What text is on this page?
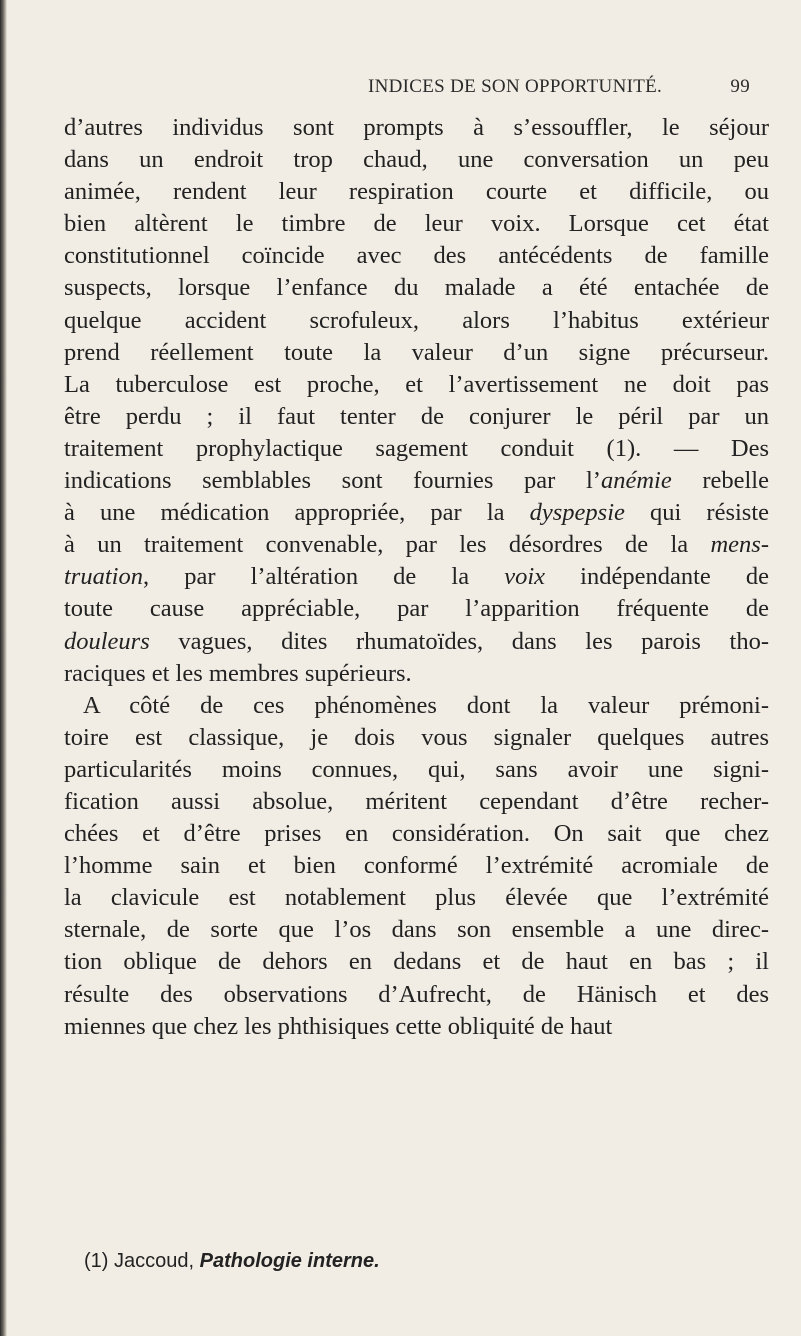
INDICES DE SON OPPORTUNITÉ.	99
d’autres individus sont prompts à s’essouffler, le séjour
dans un endroit trop chaud, une conversation un peu
animée, rendent leur respiration courte et difficile, ou
bien altèrent le timbre de leur voix. Lorsque cet état
constitutionnel coïncide avec des antécédents de famille
suspects, lorsque l’enfance du malade a été entachée de
quelque accident scrofuleux, alors l’habitus extérieur
prend réellement toute la valeur d’un signe précurseur.
La tuberculose est proche, et l’avertissement ne doit pas
être perdu ; il faut tenter de conjurer le péril par un
traitement prophylactique sagement conduit (1). — Des
indications semblables sont fournies par l’anémie rebelle
à une médication appropriée, par la dyspepsie qui résiste
à un traitement convenable, par les désordres de la mens-
truation, par l’altération de la voix indépendante de
toute cause appréciable, par l’apparition fréquente de
douleurs vagues, dites rhumatoïdes, dans les parois tho-
raciques et les membres supérieurs.
A côté de ces phénomènes dont la valeur prémoni-
toire est classique, je dois vous signaler quelques autres
particularités moins connues, qui, sans avoir une signi-
fication aussi absolue, méritent cependant d’être recher-
chées et d’être prises en considération. On sait que chez
l’homme sain et bien conformé l’extrémité acromiale de
la clavicule est notablement plus élevée que l’extrémité
sternale, de sorte que l’os dans son ensemble a une direc-
tion oblique de dehors en dedans et de haut en bas ; il
résulte des observations d’Aufrecht, de Hänisch et des
miennes que chez les phthisiques cette obliquité de haut
(1) Jaccoud, Pathologie interne.
